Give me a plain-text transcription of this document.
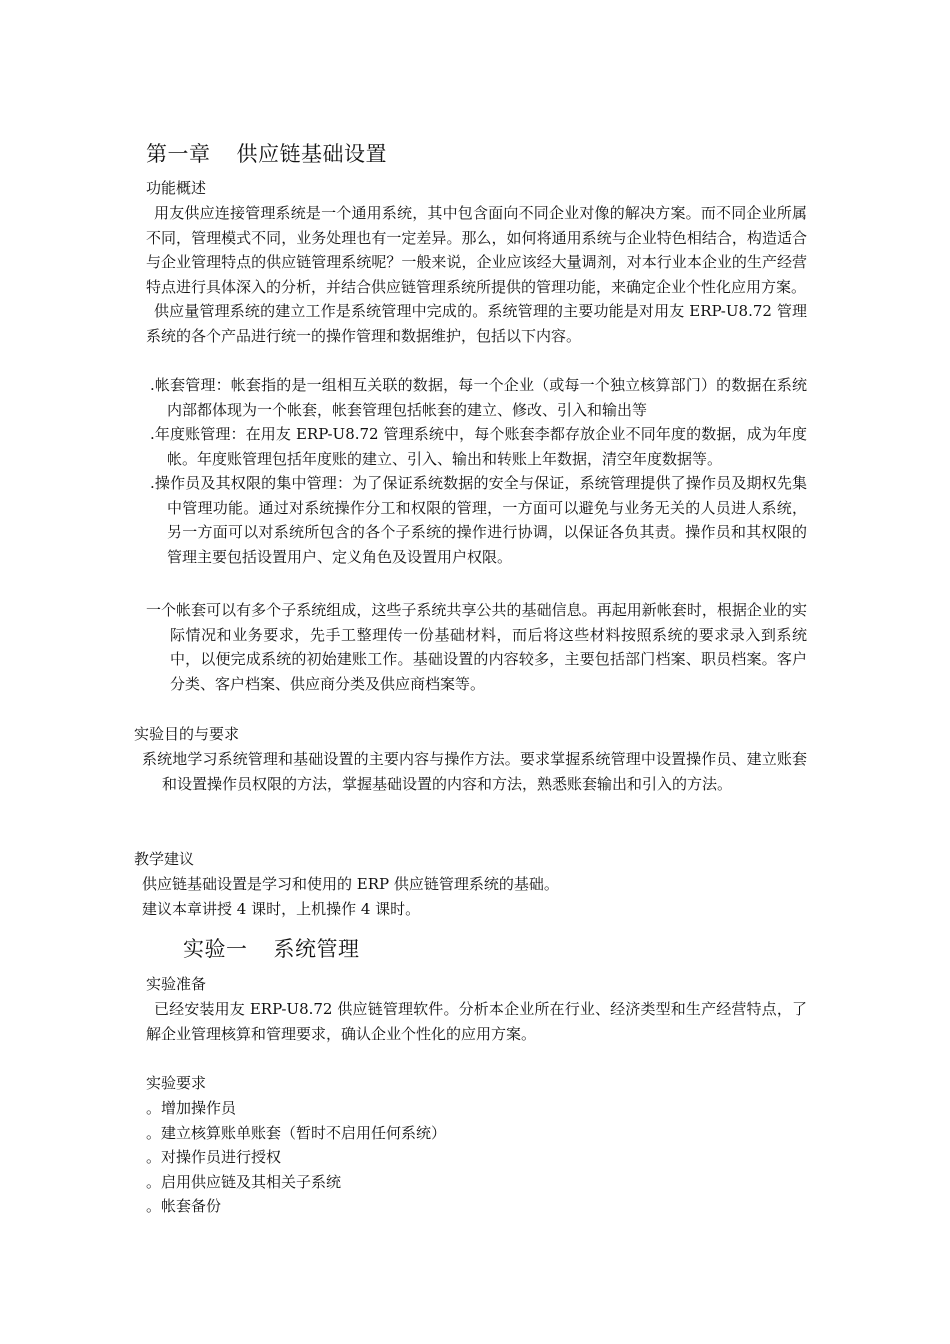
第一章 供应链基础设置
功能概述

用友供应连接管理系统是一个通用系统，其中包含面向不同企业对像的解决方案。而不同企业所属不同，管理模式不同，业务处理也有一定差异。那么，如何将通用系统与企业特色相结合，构造适合与企业管理特点的供应链管理系统呢？一般来说，企业应该经大量调剂，对本行业本企业的生产经营特点进行具体深入的分析，并结合供应链管理系统所提供的管理功能，来确定企业个性化应用方案。

供应量管理系统的建立工作是系统管理中完成的。系统管理的主要功能是对用友 ERP-U8.72 管理系统的各个产品进行统一的操作管理和数据维护，包括以下内容。

.帐套管理：帐套指的是一组相互关联的数据，每一个企业（或每一个独立核算部门）的数据在系统内部都体现为一个帐套，帐套管理包括帐套的建立、修改、引入和输出等

.年度账管理：在用友 ERP-U8.72 管理系统中，每个账套李都存放企业不同年度的数据，成为年度帐。年度账管理包括年度账的建立、引入、输出和转账上年数据，清空年度数据等。

.操作员及其权限的集中管理：为了保证系统数据的安全与保证，系统管理提供了操作员及期权先集中管理功能。通过对系统操作分工和权限的管理，一方面可以避免与业务无关的人员进人系统，另一方面可以对系统所包含的各个子系统的操作进行协调，以保证各负其责。操作员和其权限的管理主要包括设置用户、定义角色及设置用户权限。

一个帐套可以有多个子系统组成，这些子系统共享公共的基础信息。再起用新帐套时，根据企业的实际情况和业务要求，先手工整理传一份基础材料，而后将这些材料按照系统的要求录入到系统中，以便完成系统的初始建账工作。基础设置的内容较多，主要包括部门档案、职员档案。客户分类、客户档案、供应商分类及供应商档案等。

实验目的与要求

系统地学习系统管理和基础设置的主要内容与操作方法。要求掌握系统管理中设置操作员、建立账套和设置操作员权限的方法，掌握基础设置的内容和方法，熟悉账套输出和引入的方法。

教学建议
供应链基础设置是学习和使用的 ERP 供应链管理系统的基础。
建议本章讲授 4 课时，上机操作 4 课时。
实验一 系统管理
实验准备

已经安装用友 ERP-U8.72 供应链管理软件。分析本企业所在行业、经济类型和生产经营特点，了解企业管理核算和管理要求，确认企业个性化的应用方案。

实验要求
。增加操作员
。建立核算账单账套（暂时不启用任何系统）
。对操作员进行授权
。启用供应链及其相关子系统
。帐套备份
